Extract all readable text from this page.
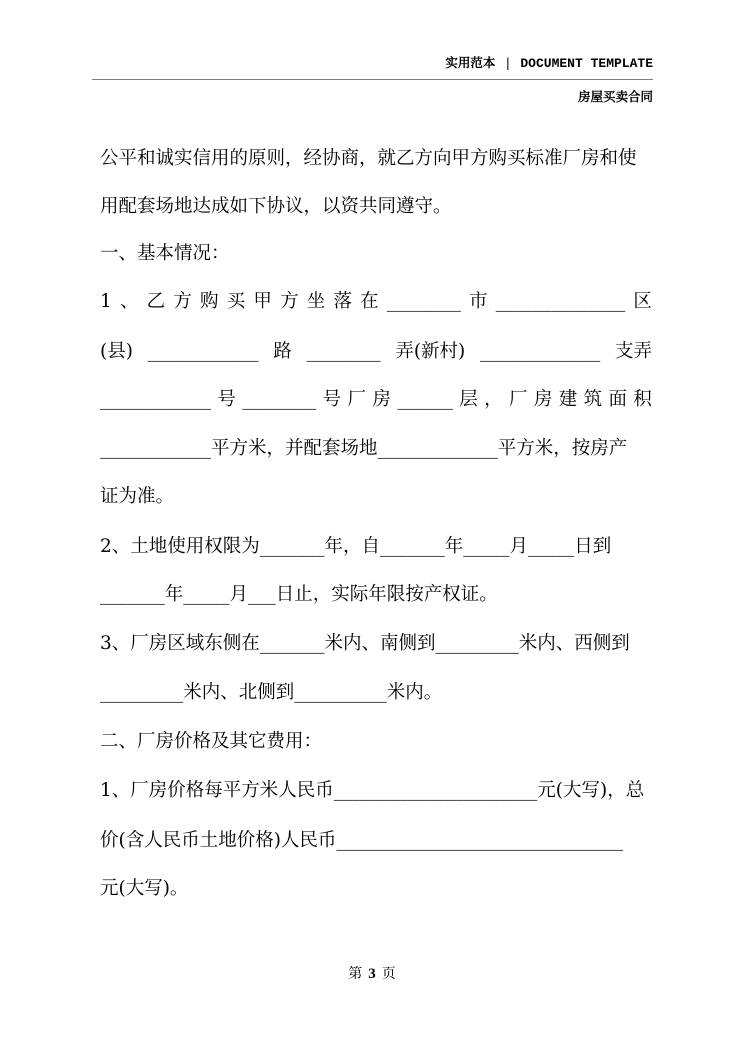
实用范本 | DOCUMENT TEMPLATE
房屋买卖合同
公平和诚实信用的原则，经协商，就乙方向甲方购买标准厂房和使
用配套场地达成如下协议，以资共同遵守。
一、基本情况：
1 、 乙 方 购 买 甲 方 坐 落 在 ________ 市 ______________ 区
(县) ____________ 路 ________ 弄(新村) _____________ 支弄
____________ 号 ________ 号 厂 房 ______ 层 ， 厂 房 建 筑 面 积
____________平方米，并配套场地_____________平方米，按房产
证为准。
2、土地使用权限为_______年，自_______年_____月_____日到
_______年_____月___日止，实际年限按产权证。
3、厂房区域东侧在_______米内、南侧到_________米内、西侧到
_________米内、北侧到__________米内。
二、厂房价格及其它费用：
1、厂房价格每平方米人民币______________________元(大写)，总
价(含人民币土地价格)人民币_______________________________
元(大写)。
第 3 页
